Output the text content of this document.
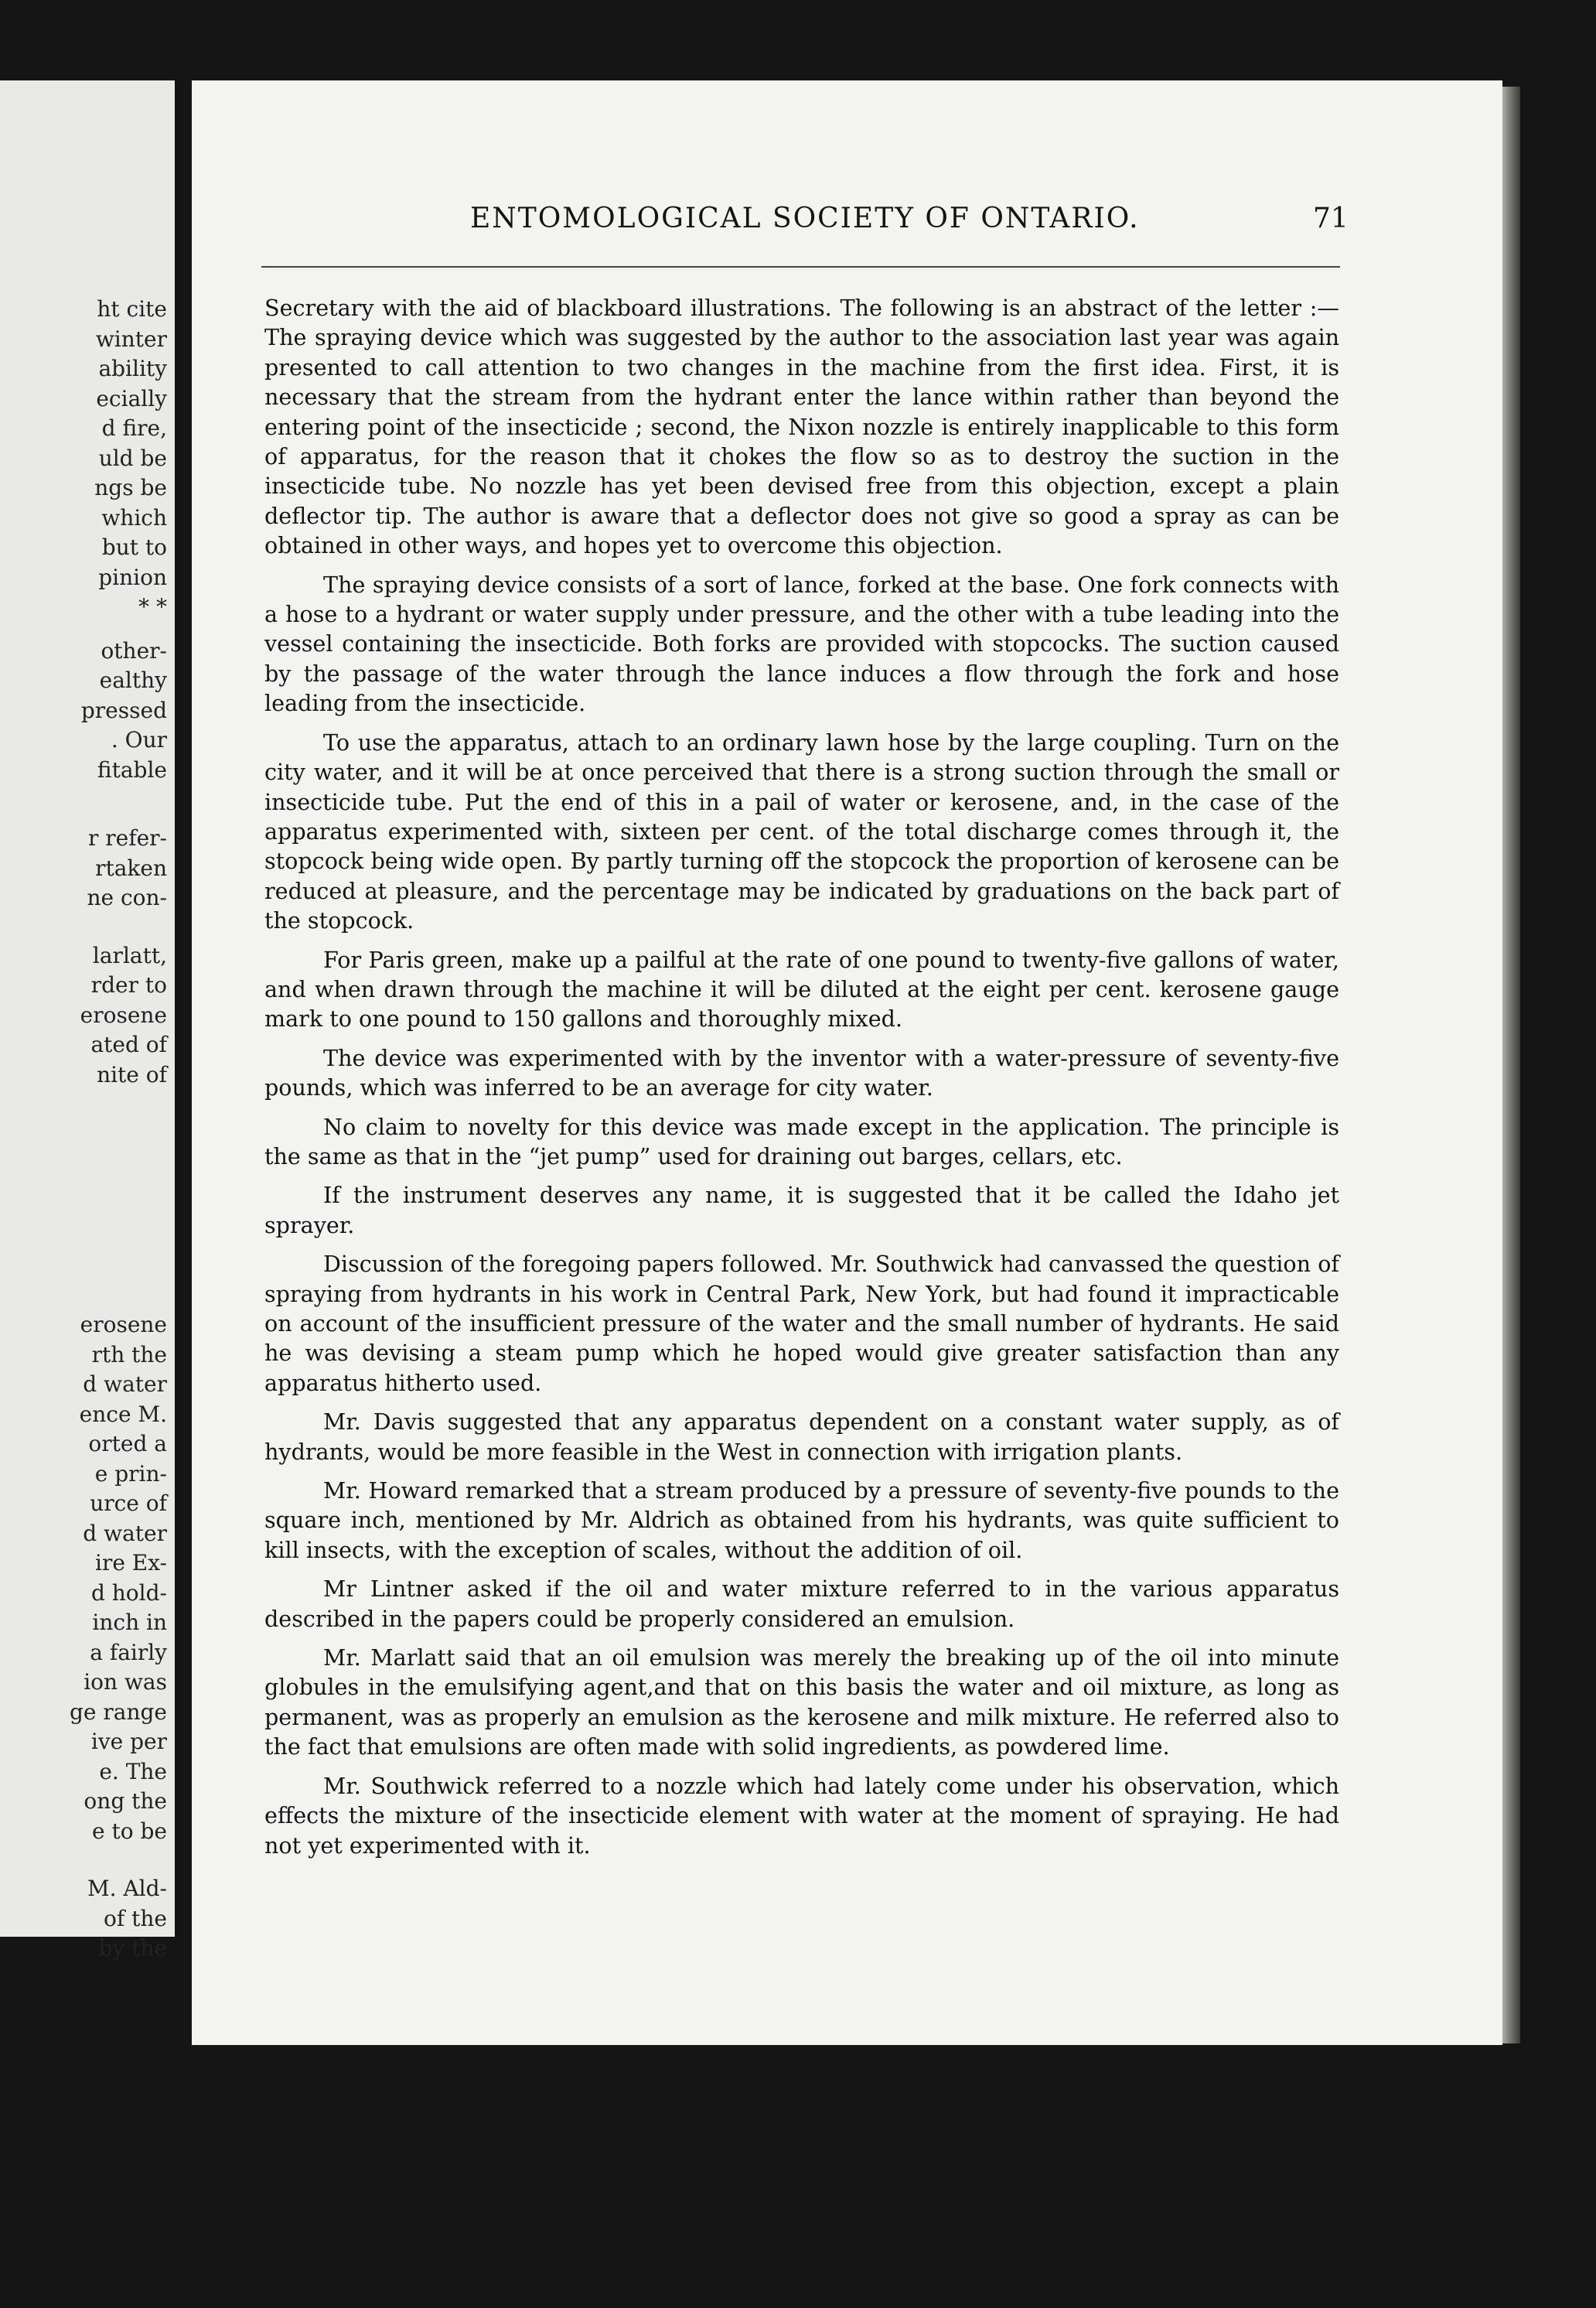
ht cite
winter
ability
ecially
d fire,
uld be
ngs be
which
but to
pinion
* *
other-
ealthy
pressed
. Our
fitable
r refer-
rtaken
ne con-
larlatt,
rder to
erosene
ated of
nite of
erosene
rth the
d water
ence M.
orted a
e prin-
urce of
d water
ire Ex-
d hold-
inch in
a fairly
ion was
ge range
ive per
e. The
ong the
e to be
M. Ald-
of the
by the
ENTOMOLOGICAL SOCIETY OF ONTARIO.	71

Secretary with the aid of blackboard illustrations. The following is an abstract of the letter :—The spraying device which was suggested by the author to the association last year was again presented to call attention to two changes in the machine from the first idea. First, it is necessary that the stream from the hydrant enter the lance within rather than beyond the entering point of the insecticide ; second, the Nixon nozzle is entirely inapplicable to this form of apparatus, for the reason that it chokes the flow so as to destroy the suction in the insecticide tube. No nozzle has yet been devised free from this objection, except a plain deflector tip. The author is aware that a deflector does not give so good a spray as can be obtained in other ways, and hopes yet to overcome this objection.

The spraying device consists of a sort of lance, forked at the base. One fork connects with a hose to a hydrant or water supply under pressure, and the other with a tube leading into the vessel containing the insecticide. Both forks are provided with stopcocks. The suction caused by the passage of the water through the lance induces a flow through the fork and hose leading from the insecticide.

To use the apparatus, attach to an ordinary lawn hose by the large coupling. Turn on the city water, and it will be at once perceived that there is a strong suction through the small or insecticide tube. Put the end of this in a pail of water or kerosene, and, in the case of the apparatus experimented with, sixteen per cent. of the total discharge comes through it, the stopcock being wide open. By partly turning off the stopcock the proportion of kerosene can be reduced at pleasure, and the percentage may be indicated by graduations on the back part of the stopcock.

For Paris green, make up a pailful at the rate of one pound to twenty-five gallons of water, and when drawn through the machine it will be diluted at the eight per cent. kerosene gauge mark to one pound to 150 gallons and thoroughly mixed.

The device was experimented with by the inventor with a water-pressure of seventy-five pounds, which was inferred to be an average for city water.

No claim to novelty for this device was made except in the application. The principle is the same as that in the “jet pump” used for draining out barges, cellars, etc.

If the instrument deserves any name, it is suggested that it be called the Idaho jet sprayer.

Discussion of the foregoing papers followed. Mr. Southwick had canvassed the question of spraying from hydrants in his work in Central Park, New York, but had found it impracticable on account of the insufficient pressure of the water and the small number of hydrants. He said he was devising a steam pump which he hoped would give greater satisfaction than any apparatus hitherto used.

Mr. Davis suggested that any apparatus dependent on a constant water supply, as of hydrants, would be more feasible in the West in connection with irrigation plants.

Mr. Howard remarked that a stream produced by a pressure of seventy-five pounds to the square inch, mentioned by Mr. Aldrich as obtained from his hydrants, was quite sufficient to kill insects, with the exception of scales, without the addition of oil.

Mr Lintner asked if the oil and water mixture referred to in the various apparatus described in the papers could be properly considered an emulsion.

Mr. Marlatt said that an oil emulsion was merely the breaking up of the oil into minute globules in the emulsifying agent,and that on this basis the water and oil mixture, as long as permanent, was as properly an emulsion as the kerosene and milk mixture. He referred also to the fact that emulsions are often made with solid ingredients, as powdered lime.

Mr. Southwick referred to a nozzle which had lately come under his observation, which effects the mixture of the insecticide element with water at the moment of spraying. He had not yet experimented with it.
